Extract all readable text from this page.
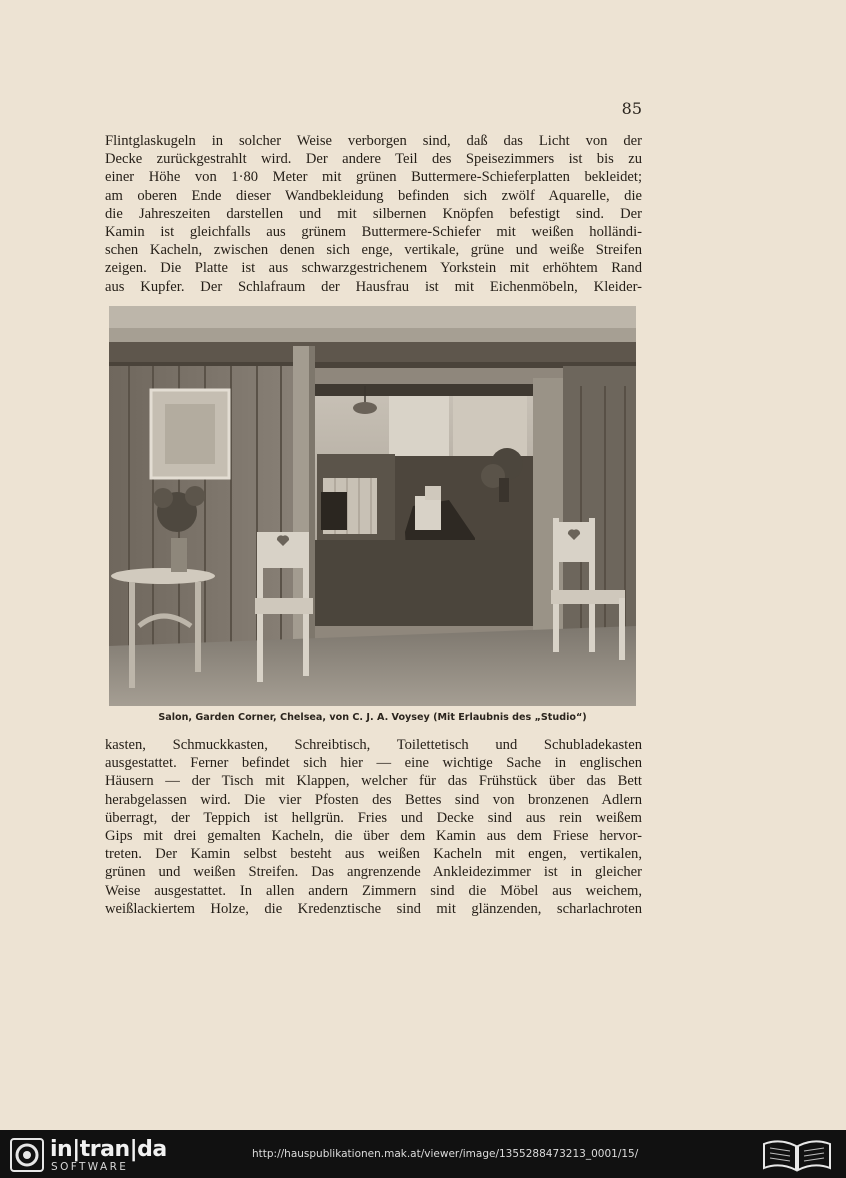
85
Flintglaskugeln in solcher Weise verborgen sind, daß das Licht von der
Decke zurückgestrahlt wird. Der andere Teil des Speisezimmers ist bis zu
einer Höhe von 1·80 Meter mit grünen Buttermere-Schieferplatten bekleidet;
am oberen Ende dieser Wandbekleidung befinden sich zwölf Aquarelle, die
die Jahreszeiten darstellen und mit silbernen Knöpfen befestigt sind. Der
Kamin ist gleichfalls aus grünem Buttermere-Schiefer mit weißen holländi-
schen Kacheln, zwischen denen sich enge, vertikale, grüne und weiße Streifen
zeigen. Die Platte ist aus schwarzgestrichenem Yorkstein mit erhöhtem Rand
aus Kupfer. Der Schlafraum der Hausfrau ist mit Eichenmöbeln, Kleider-
Salon, Garden Corner, Chelsea, von C. J. A. Voysey (Mit Erlaubnis des „Studio“)
kasten, Schmuckkasten, Schreibtisch, Toilettetisch und Schubladekasten
ausgestattet. Ferner befindet sich hier — eine wichtige Sache in englischen
Häusern — der Tisch mit Klappen, welcher für das Frühstück über das Bett
herabgelassen wird. Die vier Pfosten des Bettes sind von bronzenen Adlern
überragt, der Teppich ist hellgrün. Fries und Decke sind aus rein weißem
Gips mit drei gemalten Kacheln, die über dem Kamin aus dem Friese hervor-
treten. Der Kamin selbst besteht aus weißen Kacheln mit engen, vertikalen,
grünen und weißen Streifen. Das angrenzende Ankleidezimmer ist in gleicher
Weise ausgestattet. In allen andern Zimmern sind die Möbel aus weichem,
weißlackiertem Holze, die Kredenztische sind mit glänzenden, scharlachroten
in|tran|da
SOFTWARE
http://hauspublikationen.mak.at/viewer/image/1355288473213_0001/15/
